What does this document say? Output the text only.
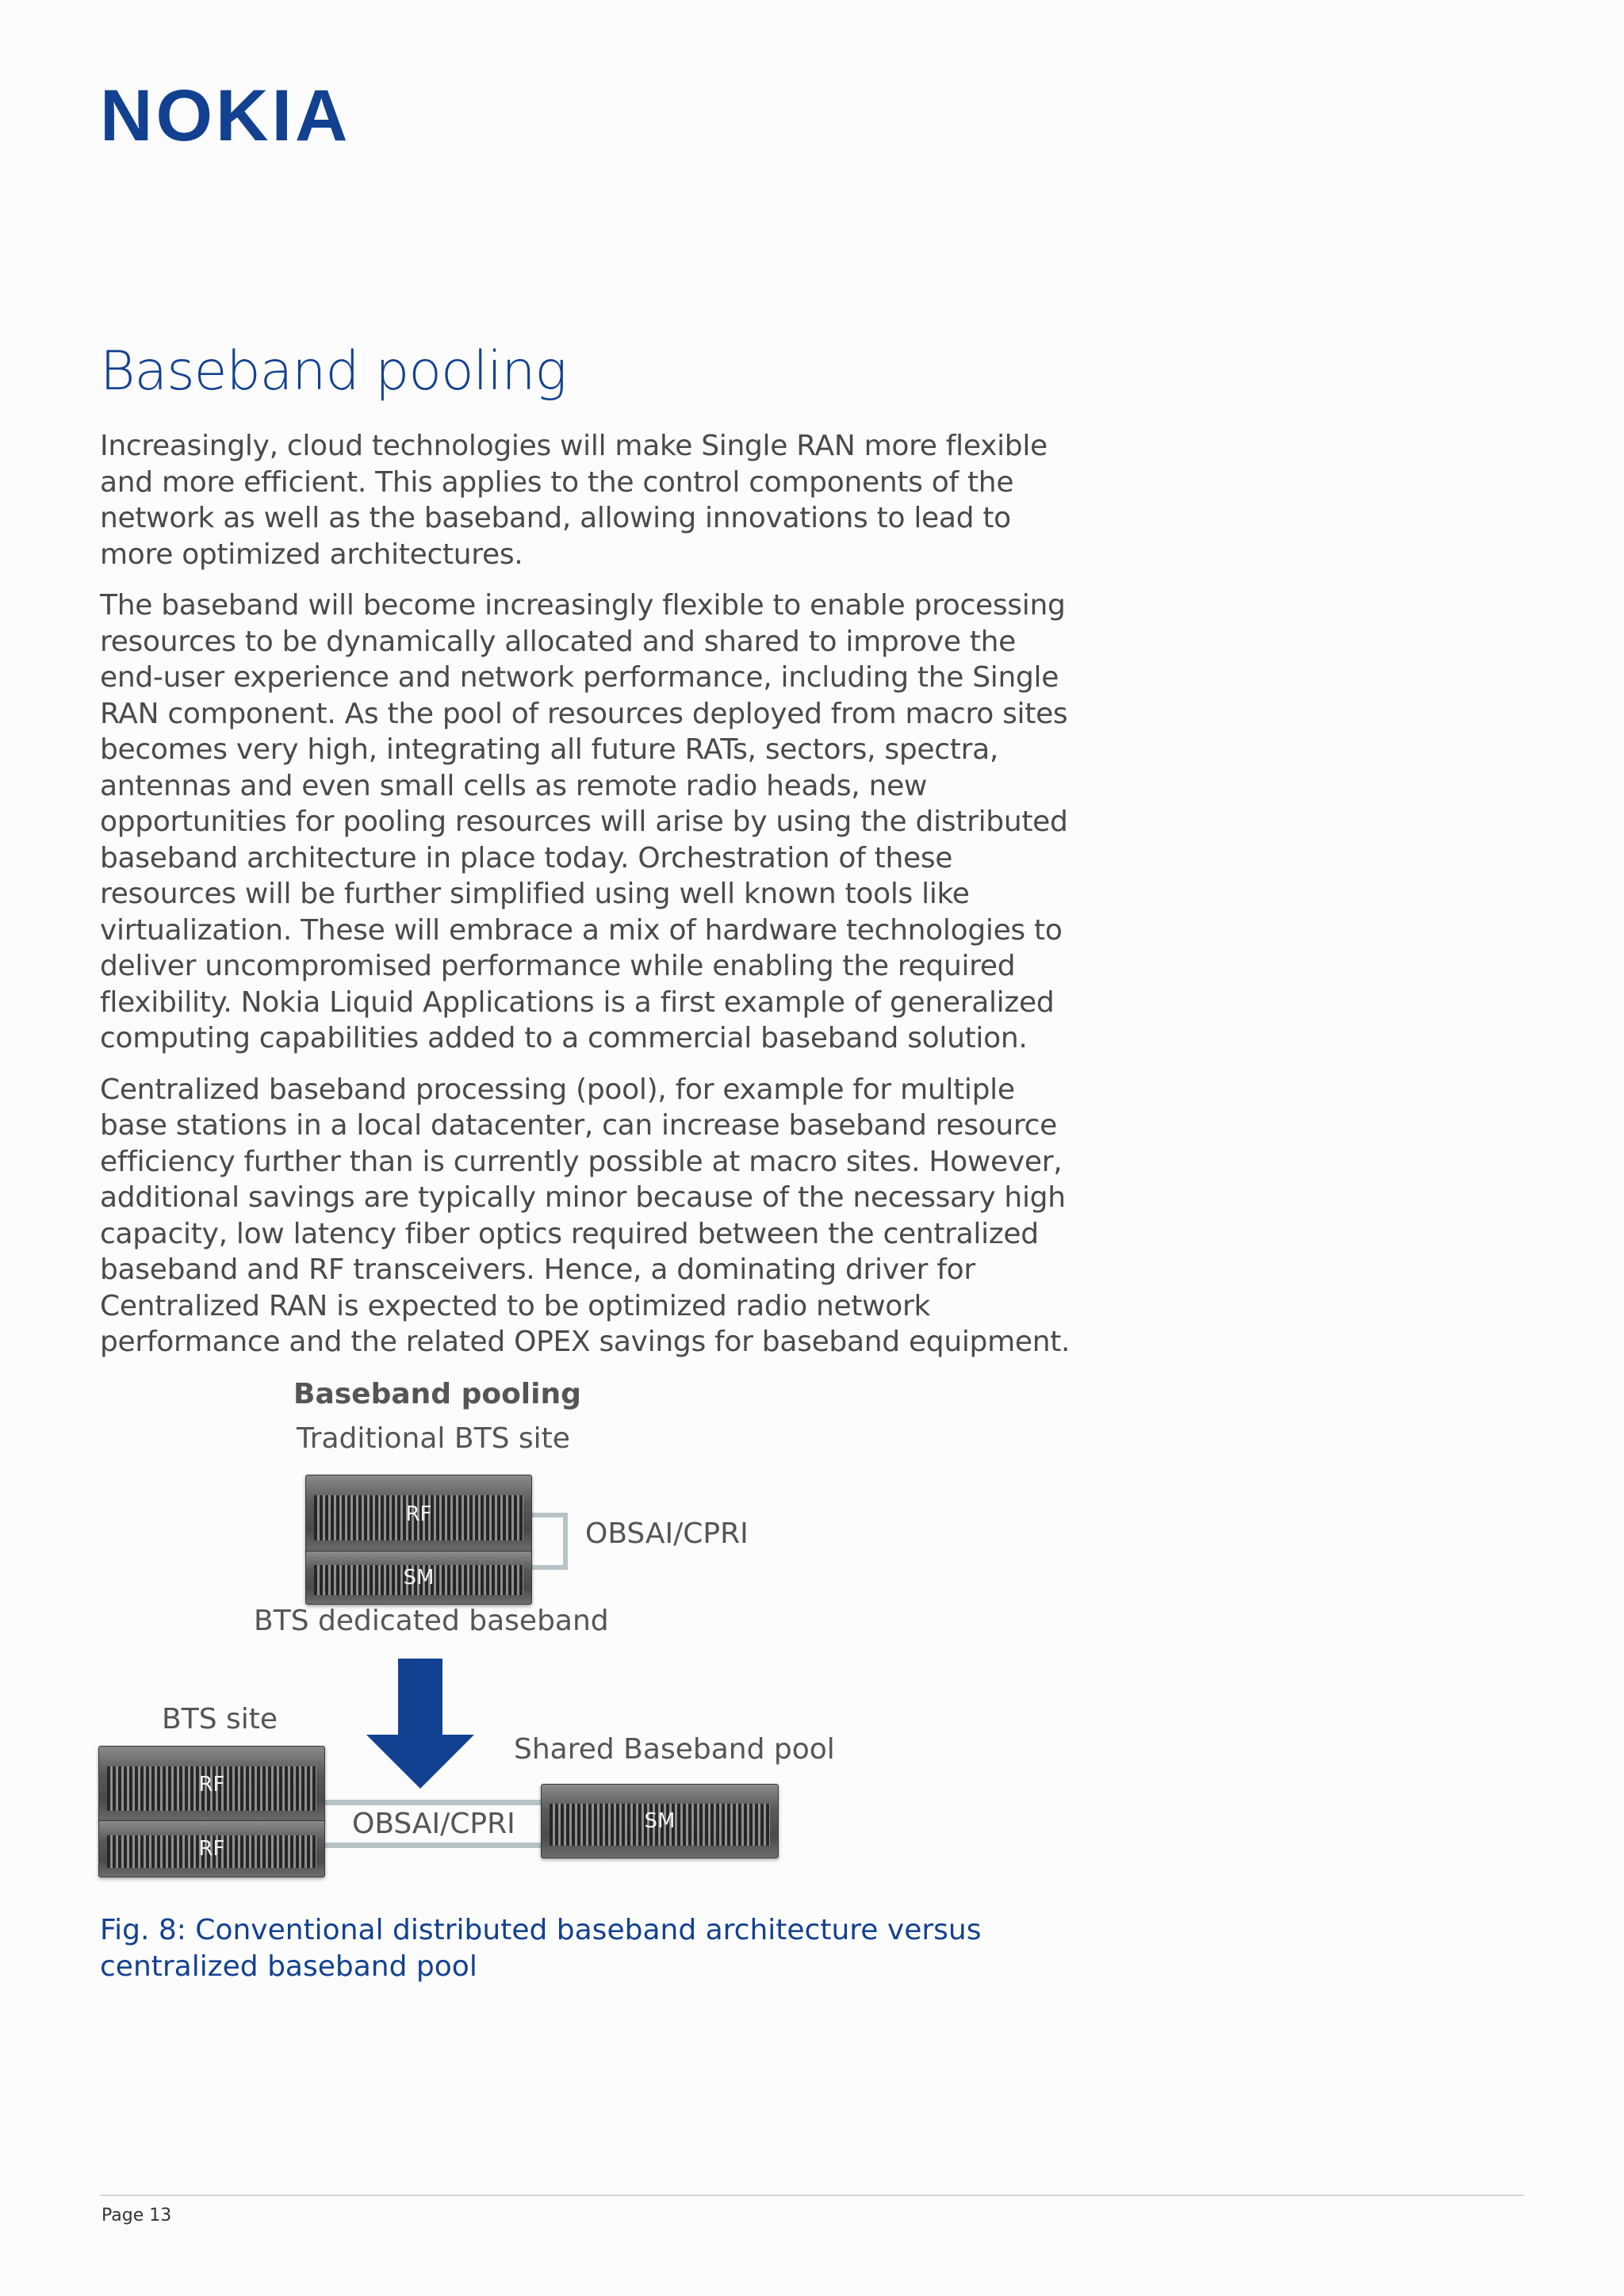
NOKIA
Baseband pooling

Increasingly, cloud technologies will make Single RAN more flexible and more efficient. This applies to the control components of the network as well as the baseband, allowing innovations to lead to more optimized architectures.

The baseband will become increasingly flexible to enable processing resources to be dynamically allocated and shared to improve the end-user experience and network performance, including the Single RAN component. As the pool of resources deployed from macro sites becomes very high, integrating all future RATs, sectors, spectra, antennas and even small cells as remote radio heads, new opportunities for pooling resources will arise by using the distributed baseband architecture in place today. Orchestration of these resources will be further simplified using well known tools like virtualization. These will embrace a mix of hardware technologies to deliver uncompromised performance while enabling the required flexibility. Nokia Liquid Applications is a first example of generalized computing capabilities added to a commercial baseband solution.

Centralized baseband processing (pool), for example for multiple base stations in a local datacenter, can increase baseband resource efficiency further than is currently possible at macro sites. However, additional savings are typically minor because of the necessary high capacity, low latency fiber optics required between the centralized baseband and RF transceivers. Hence, a dominating driver for Centralized RAN is expected to be optimized radio network performance and the related OPEX savings for baseband equipment.

Baseband pooling
Traditional BTS site
RF
SM
OBSAI/CPRI
BTS dedicated baseband
BTS site
Shared Baseband pool
RF
RF
OBSAI/CPRI	SM
Fig. 8: Conventional distributed baseband architecture versus centralized baseband pool
Page 13
